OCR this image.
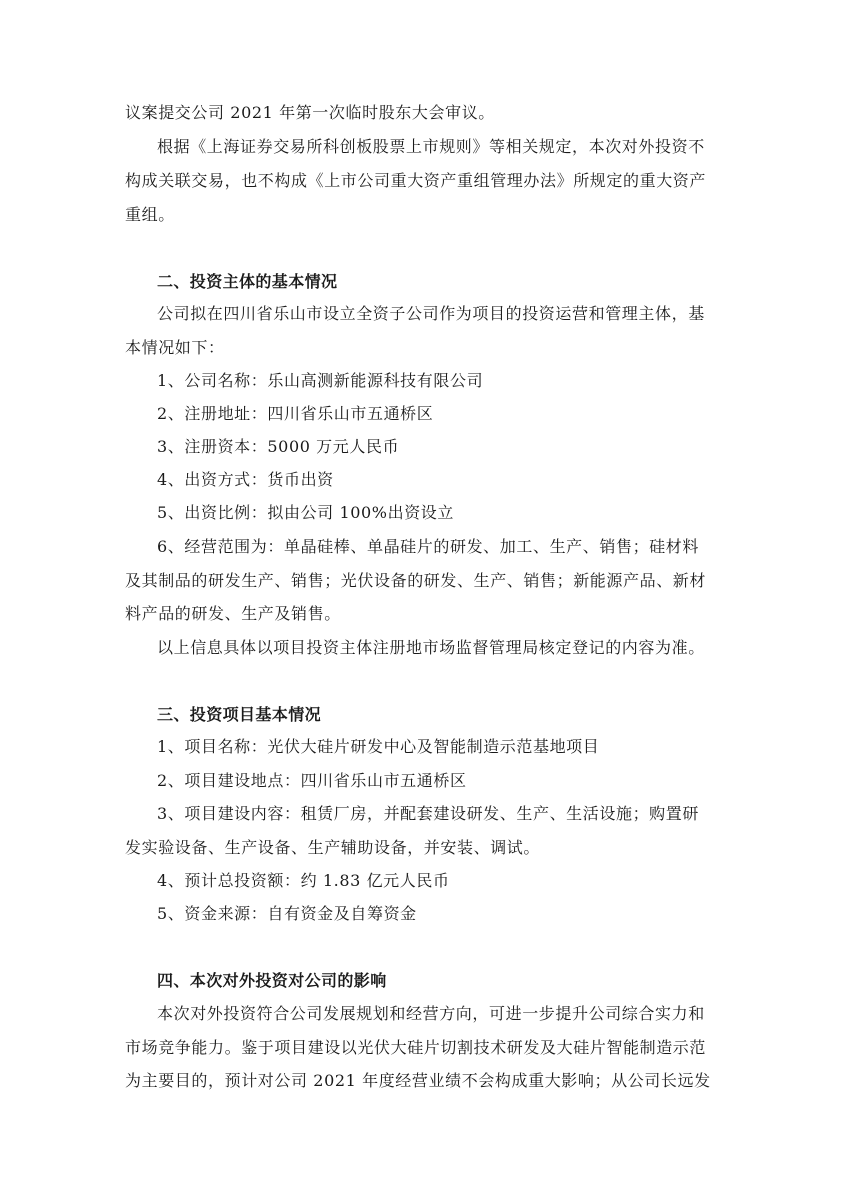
议案提交公司 2021 年第一次临时股东大会审议。
根据《上海证券交易所科创板股票上市规则》等相关规定，本次对外投资不
构成关联交易，也不构成《上市公司重大资产重组管理办法》所规定的重大资产
重组。
二、投资主体的基本情况
公司拟在四川省乐山市设立全资子公司作为项目的投资运营和管理主体，基
本情况如下：
1、公司名称：乐山高测新能源科技有限公司
2、注册地址：四川省乐山市五通桥区
3、注册资本：5000 万元人民币
4、出资方式：货币出资
5、出资比例：拟由公司 100%出资设立
6、经营范围为：单晶硅棒、单晶硅片的研发、加工、生产、销售；硅材料
及其制品的研发生产、销售；光伏设备的研发、生产、销售；新能源产品、新材
料产品的研发、生产及销售。
以上信息具体以项目投资主体注册地市场监督管理局核定登记的内容为准。
三、投资项目基本情况
1、项目名称：光伏大硅片研发中心及智能制造示范基地项目
2、项目建设地点：四川省乐山市五通桥区
3、项目建设内容：租赁厂房，并配套建设研发、生产、生活设施；购置研
发实验设备、生产设备、生产辅助设备，并安装、调试。
4、预计总投资额：约 1.83 亿元人民币
5、资金来源：自有资金及自筹资金
四、本次对外投资对公司的影响
本次对外投资符合公司发展规划和经营方向，可进一步提升公司综合实力和
市场竞争能力。鉴于项目建设以光伏大硅片切割技术研发及大硅片智能制造示范
为主要目的，预计对公司 2021 年度经营业绩不会构成重大影响；从公司长远发
